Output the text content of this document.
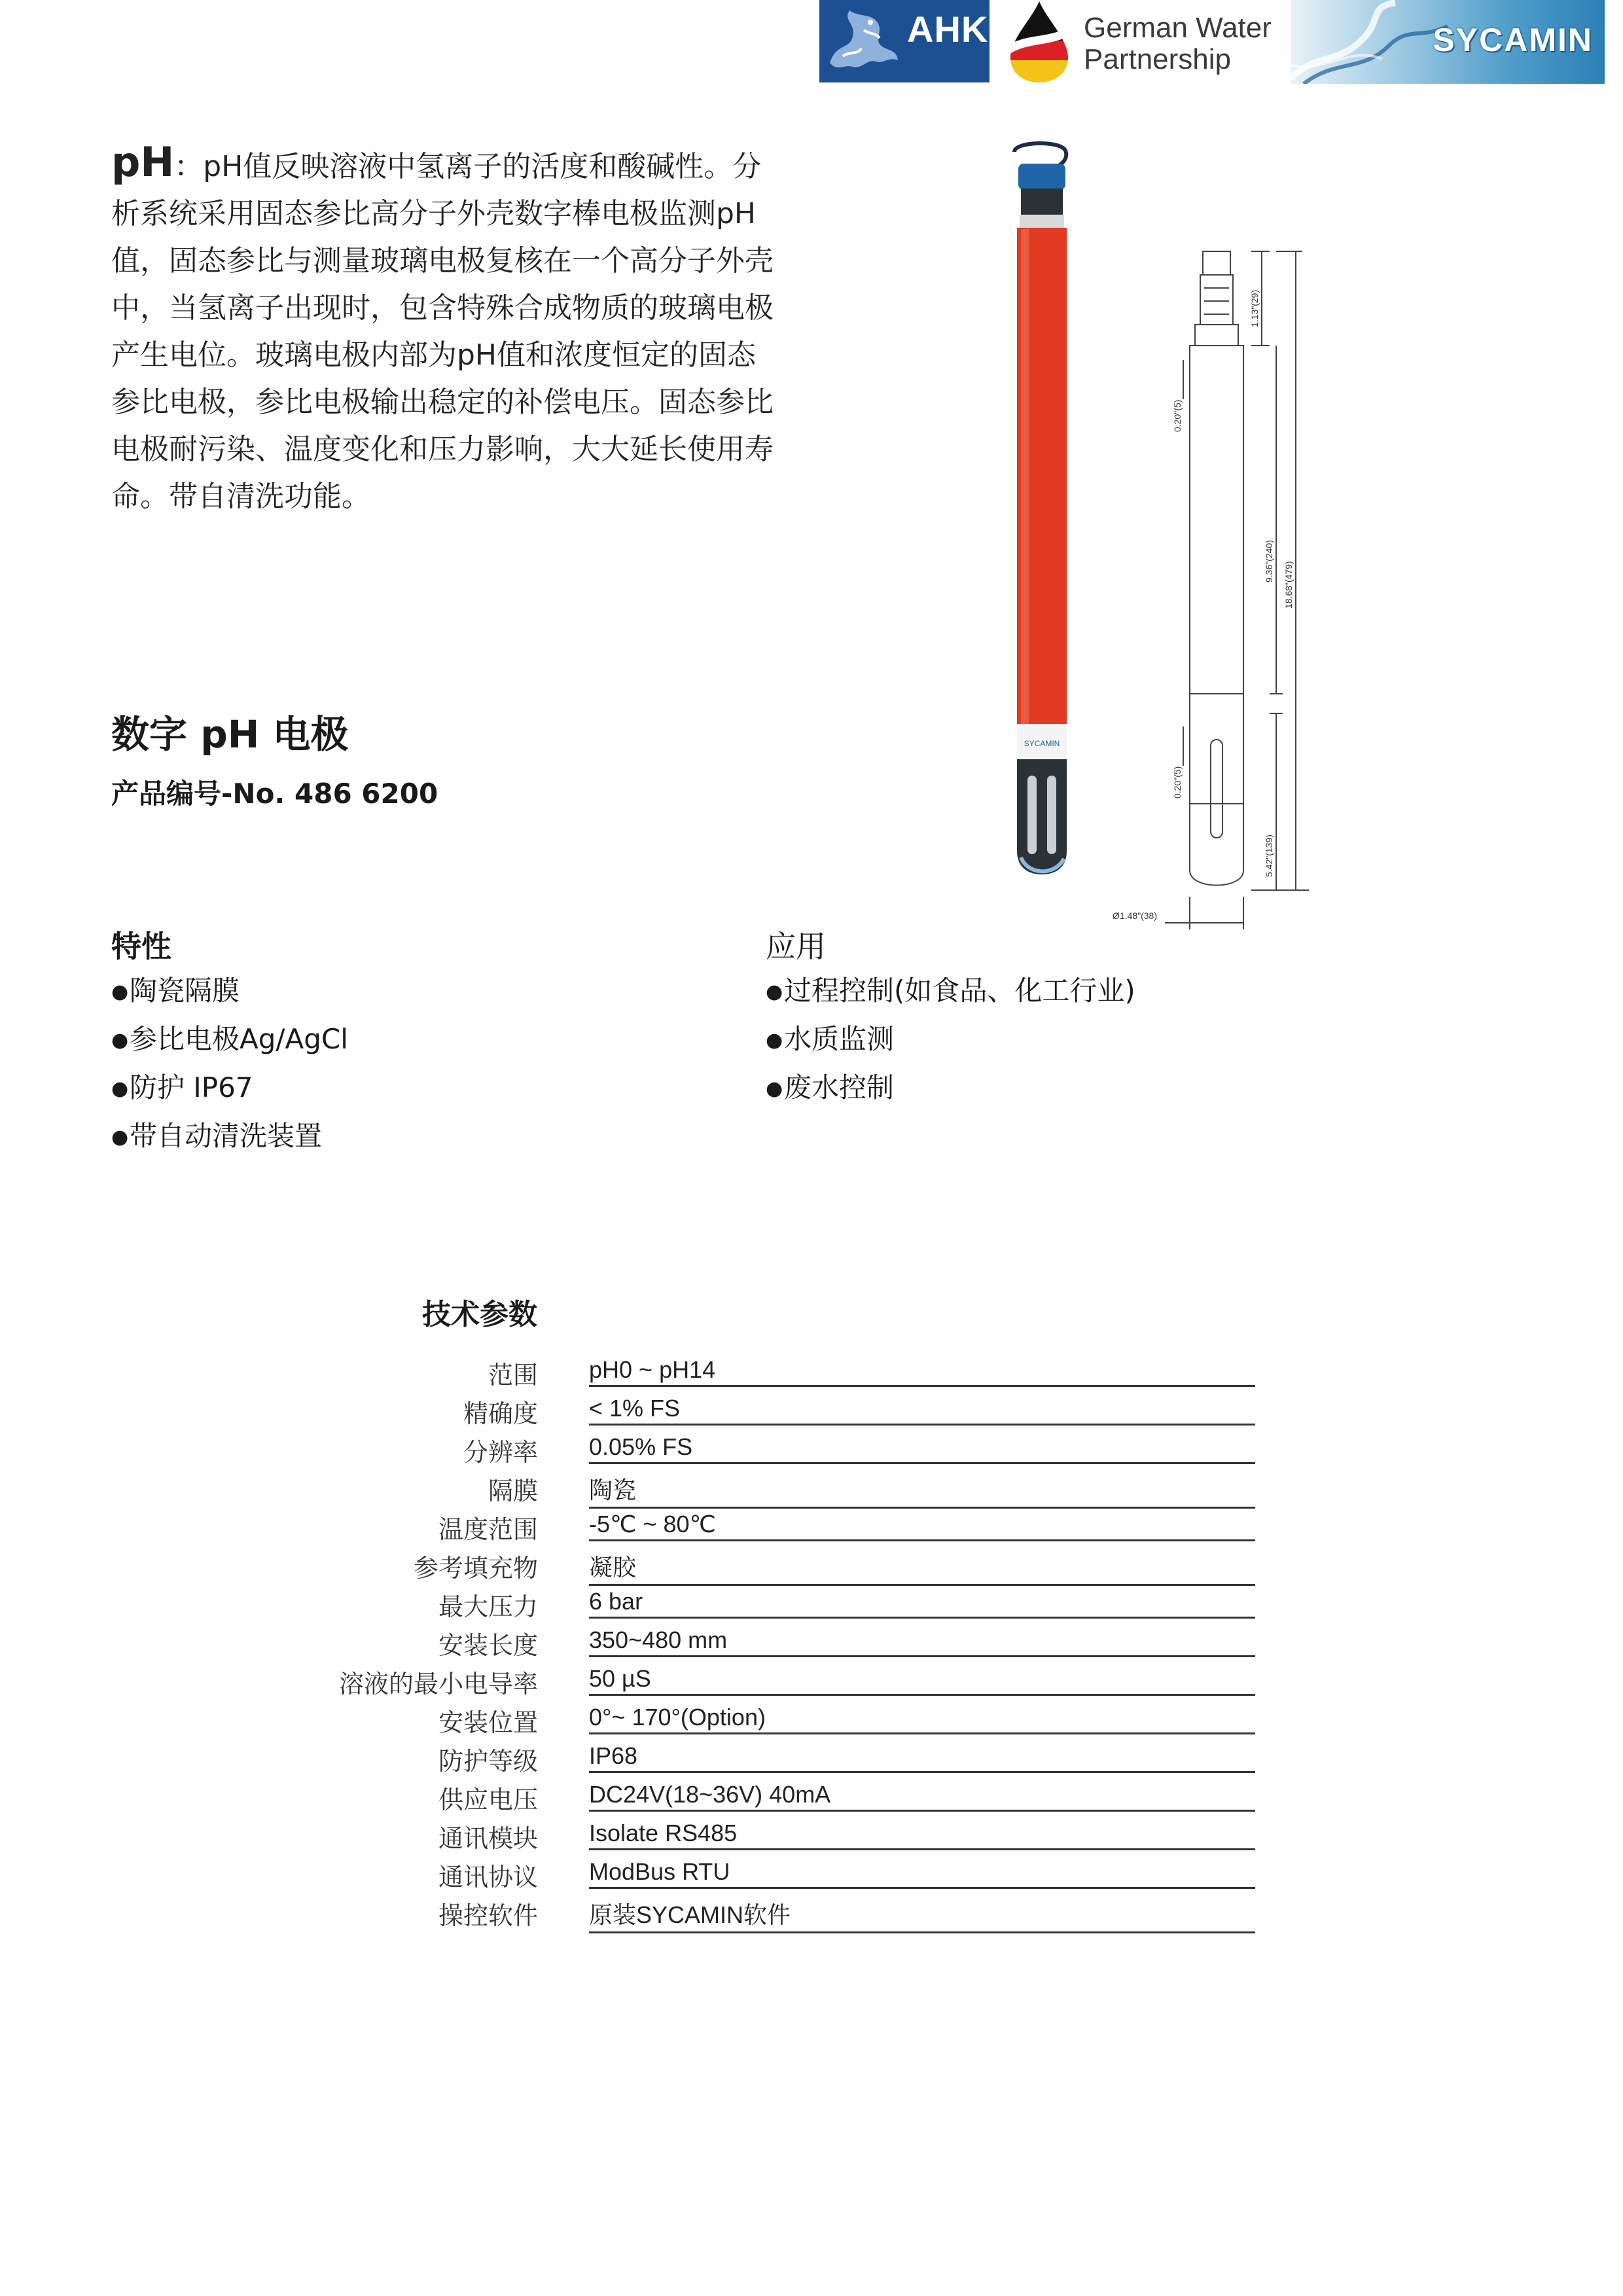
AHK	German Water
Partnership
SYCAMIN
pH：pH值反映溶液中氢离子的活度和酸碱性。分析系统采用固态参比高分子外壳数字棒电极监测pH值，固态参比与测量玻璃电极复核在一个高分子外壳中，当氢离子出现时，包含特殊合成物质的玻璃电极产生电位。玻璃电极内部为pH值和浓度恒定的固态参比电极，参比电极输出稳定的补偿电压。固态参比电极耐污染、温度变化和压力影响，大大延长使用寿命。带自清洗功能。
SYCAMIN
1.13"(29)
0.20"(5)
9.36"(240) 18.68"(479)
0.20"(5)
5.42"(139)
Ø1.48"(38)
数字 pH 电极
产品编号-No. 486 6200
特性
●陶瓷隔膜
●参比电极Ag/AgCl
●防护 IP67
●带自动清洗装置
应用
●过程控制(如食品、化工行业)
●水质监测
●废水控制
技术参数
范围 pH0 ~ pH14
精确度 < 1% FS
分辨率 0.05% FS
隔膜 陶瓷
温度范围 -5℃ ~ 80℃
参考填充物 凝胶
最大压力 6 bar
安装长度 350~480 mm
溶液的最小电导率 50 µS
安装位置 0°~ 170°(Option)
防护等级 IP68
供应电压 DC24V(18~36V) 40mA
通讯模块 Isolate RS485
通讯协议 ModBus RTU
操控软件 原装SYCAMIN软件
